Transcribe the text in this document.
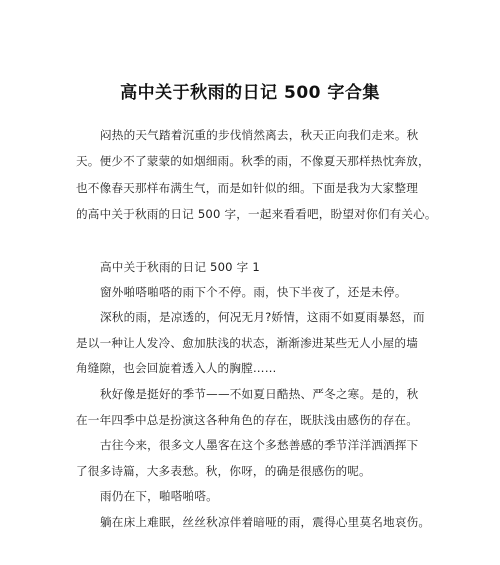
高中关于秋雨的日记 500 字合集
闷热的天气踏着沉重的步伐悄然离去，秋天正向我们走来。秋
天。便少不了蒙蒙的如烟细雨。秋季的雨，不像夏天那样热忱奔放，
也不像春天那样布满生气，而是如针似的细。下面是我为大家整理
的高中关于秋雨的日记 500 字，一起来看看吧，盼望对你们有关心。
高中关于秋雨的日记 500 字 1
窗外啪嗒啪嗒的雨下个不停。雨，快下半夜了，还是未停。
深秋的雨，是凉透的，何况无月?娇情，这雨不如夏雨暴怒，而
是以一种让人发冷、愈加肤浅的状态，渐渐渗进某些无人小屋的墙
角缝隙，也会回旋着透入人的胸膛……
秋好像是挺好的季节——不如夏日酷热、严冬之寒。是的，秋
在一年四季中总是扮演这各种角色的存在，既肤浅由感伤的存在。
古往今来，很多文人墨客在这个多愁善感的季节洋洋洒洒挥下
了很多诗篇，大多表愁。秋，你呀，的确是很感伤的呢。
雨仍在下，啪嗒啪嗒。
躺在床上难眠，丝丝秋凉伴着暗哑的雨，震得心里莫名地哀伤。
